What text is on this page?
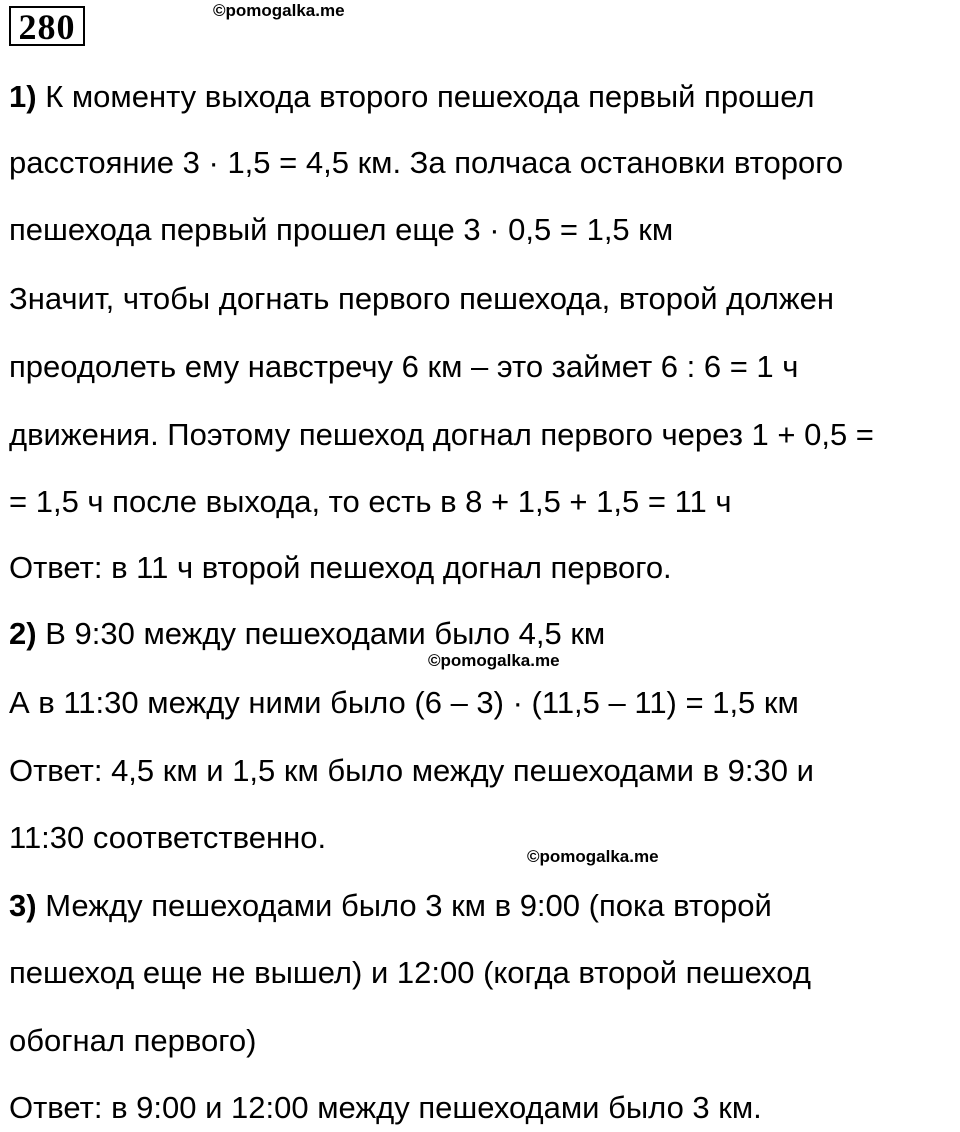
280	©pomogalka.me
©pomogalka.me
©pomogalka.me
1) К моменту выхода второго пешехода первый прошел
расстояние 3 · 1,5 = 4,5 км. За полчаса остановки второго
пешехода первый прошел еще 3 · 0,5 = 1,5 км
Значит, чтобы догнать первого пешехода, второй должен
преодолеть ему навстречу 6 км – это займет 6 : 6 = 1 ч
движения. Поэтому пешеход догнал первого через 1 + 0,5 =
= 1,5 ч после выхода, то есть в 8 + 1,5 + 1,5 = 11 ч
Ответ: в 11 ч второй пешеход догнал первого.
2) В 9:30 между пешеходами было 4,5 км
А в 11:30 между ними было (6 – 3) · (11,5 – 11) = 1,5 км
Ответ: 4,5 км и 1,5 км было между пешеходами в 9:30 и
11:30 соответственно.
3) Между пешеходами было 3 км в 9:00 (пока второй
пешеход еще не вышел) и 12:00 (когда второй пешеход
обогнал первого)
Ответ: в 9:00 и 12:00 между пешеходами было 3 км.
